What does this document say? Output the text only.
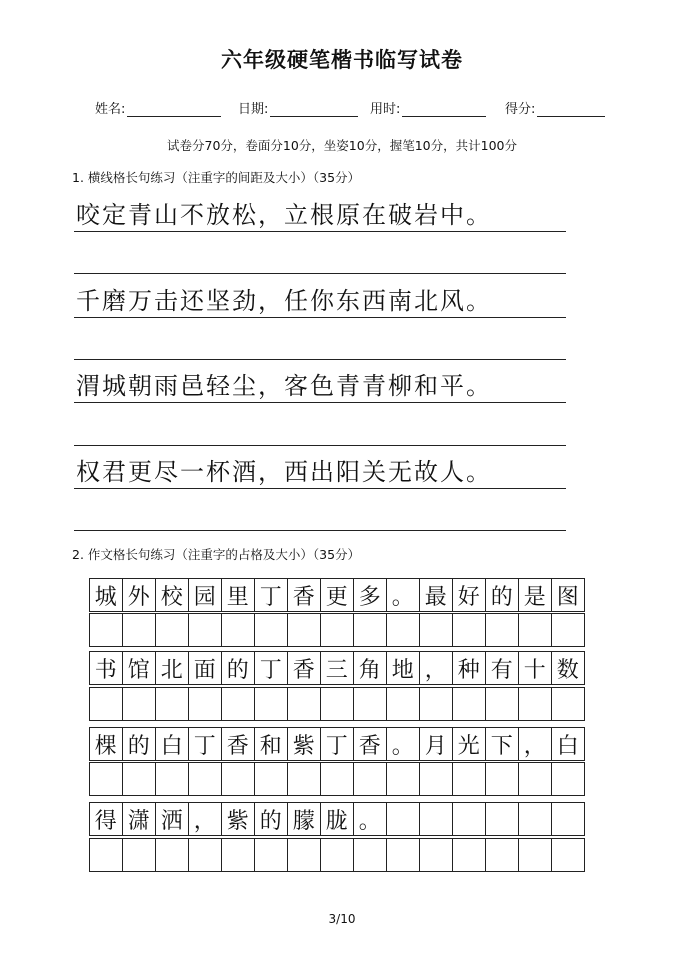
六年级硬笔楷书临写试卷
姓名:	日期:	用时:	得分:
试卷分70分，卷面分10分，坐姿10分，握笔10分，共计100分
1. 横线格长句练习（注重字的间距及大小）（35分）
咬定青山不放松，立根原在破岩中。
千磨万击还坚劲，任你东西南北风。
渭城朝雨邑轻尘，客色青青柳和平。
权君更尽一杯酒，西出阳关无故人。
2. 作文格长句练习（注重字的占格及大小）（35分）
城 外 校 园 里 丁 香 更 多 。 最 好 的 是 图
书 馆 北 面 的 丁 香 三 角 地 ， 种 有 十 数
棵 的 白 丁 香 和 紫 丁 香 。 月 光 下 ， 白
得 潇 洒 ， 紫 的 朦 胧 。
3/10
